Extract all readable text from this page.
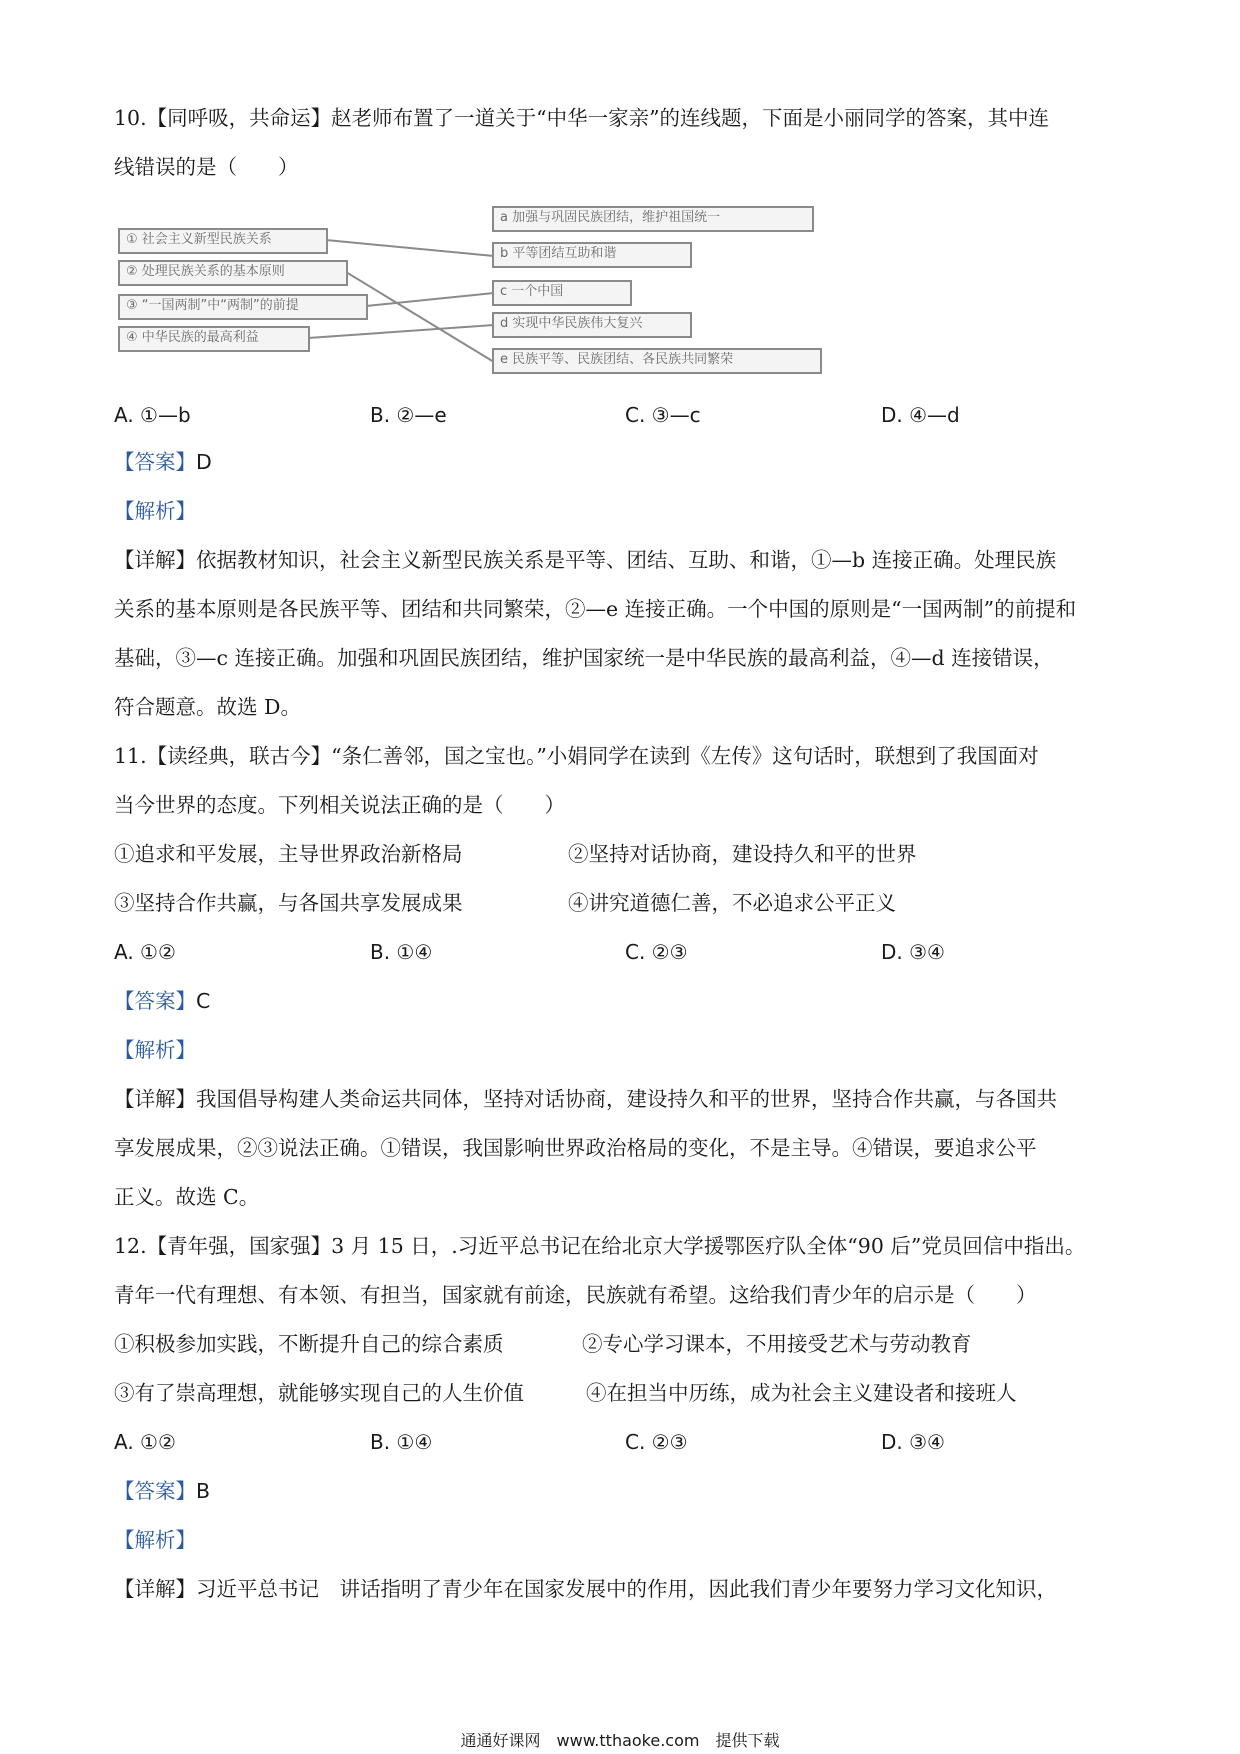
10.【同呼吸，共命运】赵老师布置了一道关于“中华一家亲”的连线题，下面是小丽同学的答案，其中连
线错误的是（　　）
① 社会主义新型民族关系
② 处理民族关系的基本原则
③ “一国两制”中“两制”的前提
④ 中华民族的最高利益
a 加强与巩固民族团结，维护祖国统一
b 平等团结互助和谐
c 一个中国
d 实现中华民族伟大复兴
e 民族平等、民族团结、各民族共同繁荣
A. ①—b	B. ②—e	C. ③—c	D. ④—d
【答案】D
【解析】
【详解】依据教材知识，社会主义新型民族关系是平等、团结、互助、和谐，①—b 连接正确。处理民族
关系的基本原则是各民族平等、团结和共同繁荣，②—e 连接正确。一个中国的原则是“一国两制”的前提和
基础，③—c 连接正确。加强和巩固民族团结，维护国家统一是中华民族的最高利益，④—d 连接错误，
符合题意。故选 D。
11.【读经典，联古今】“条仁善邻，国之宝也。”小娟同学在读到《左传》这句话时，联想到了我国面对
当今世界的态度。下列相关说法正确的是（　　）
①追求和平发展，主导世界政治新格局	②坚持对话协商，建设持久和平的世界
③坚持合作共赢，与各国共享发展成果	④讲究道德仁善，不必追求公平正义
A. ①②	B. ①④	C. ②③	D. ③④
【答案】C
【解析】
【详解】我国倡导构建人类命运共同体，坚持对话协商，建设持久和平的世界，坚持合作共赢，与各国共
享发展成果，②③说法正确。①错误，我国影响世界政治格局的变化，不是主导。④错误，要追求公平
正义。故选 C。
12.【青年强，国家强】3 月 15 日，.习近平总书记在给北京大学援鄂医疗队全体“90 后”党员回信中指出。
青年一代有理想、有本领、有担当，国家就有前途，民族就有希望。这给我们青少年的启示是（　　）
①积极参加实践，不断提升自己的综合素质	②专心学习课本，不用接受艺术与劳动教育
③有了崇高理想，就能够实现自己的人生价值	④在担当中历练，成为社会主义建设者和接班人
A. ①②	B. ①④	C. ②③	D. ③④
【答案】B
【解析】
【详解】习近平总书记　讲话指明了青少年在国家发展中的作用，因此我们青少年要努力学习文化知识，
通通好课网　www.tthaoke.com　提供下载
